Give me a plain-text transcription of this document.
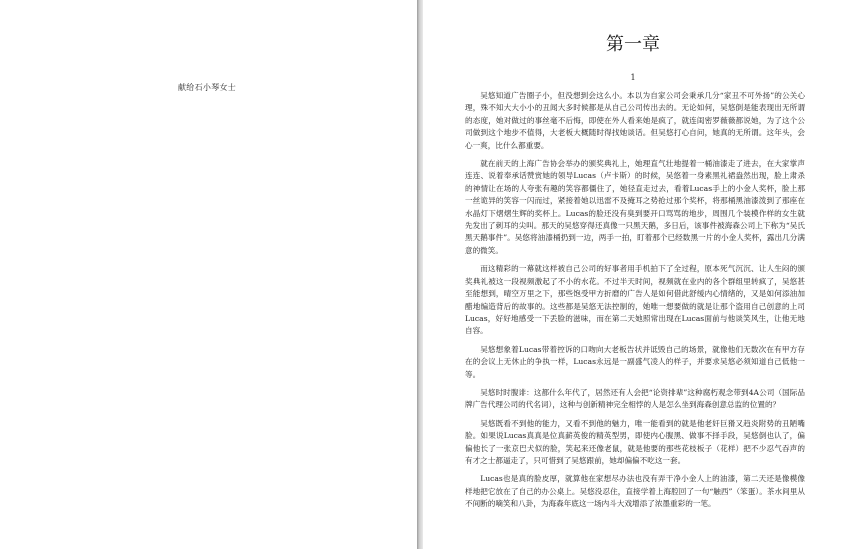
献给石小琴女士
第一章
1

吴悠知道广告圈子小，但没想到会这么小。本以为自家公司会秉承几分“家丑不可外扬”的公关心理，殊不知大大小小的丑闻大多时候都是从自己公司传出去的。无论如何，吴悠倒是能表现出无所谓的态度，她对做过的事丝毫不后悔，即使在外人看来她是疯了，就连闺密罗薇薇都说她，为了这个公司做到这个地步不值得，大老板大概随时得找她谈话。但吴悠打心自问，她真的无所谓。这年头，会心一爽，比什么都重要。

就在前天的上海广告协会举办的颁奖典礼上，她理直气壮地提着一桶油漆走了进去，在大家掌声连连、说着奉承话赞赏她的领导Lucas（卢卡斯）的时候，吴悠着一身素黑礼裙盎然出现，脸上肃杀的神情让在场的人夸张有趣的笑容都僵住了，她径直走过去，看着Lucas手上的小金人奖杯，脸上那一丝诡异的笑容一闪而过，紧接着她以迅雷不及掩耳之势抢过那个奖杯，将那桶黑油漆泼到了那座在水晶灯下熠熠生辉的奖杯上。Lucas的脸还没有臭到要开口骂骂的地步，周围几个装模作样的女生就先发出了刺耳的尖叫。那天的吴悠穿得还真像一只黑天鹅，多日后，该事件被海森公司上下称为“吴氏黑天鹅事件”。吴悠将油漆桶扔到一边，两手一拍，盯着那个已经数黑一片的小金人奖杯，露出几分满意的微笑。

而这精彩的一幕就这样被自己公司的好事者用手机拍下了全过程，原本死气沉沉、让人生闷的颁奖典礼被这一段视频激起了不小的水花。不过半天时间，视频就在业内的各个群组里转疯了，吴悠甚至能想到，晴空万里之下，那些饱受甲方折磨的广告人是如何借此舒缓内心情绪的，又是如何添油加醋地编造背后的故事的。这些都是吴悠无法控制的，她唯一想要做的就是让那个盗用自己创意的上司Lucas，好好地感受一下丢脸的滋味，而在第二天她照常出现在Lucas面前与他谈笑风生，让他无地自容。

吴悠想象着Lucas带着控诉的口吻向大老板告状并诋毁自己的场景，就像他们无数次在有甲方存在的会议上无休止的争执一样，Lucas永远是一副盛气凌人的样子，并要求吴悠必须知道自己低他一等。

吴悠时时腹诽：这都什么年代了，居然还有人会把“论资排辈”这种腐朽观念带到4A公司（国际品牌广告代理公司的代名词），这种与创新精神完全相悖的人是怎么坐到海森创意总监的位置的？

吴悠既看不到他的能力，又看不到他的魅力，唯一能看到的就是他老奸巨猾又趋炎附势的丑陋嘴脸。如果说Lucas真真是位真薪英俊的精英型男，即使内心腹黑、做事不择手段，吴悠倒也认了，偏偏他长了一张京巴犬似的脸，笑起来还像老鼠，就是他要的那些花枝板子（花样）把不少忍气吞声的有才之士都逼走了，只可惜到了吴悠跟前，她却偏偏不吃这一套。

Lucas也是真的脸皮厚，就算他在家想尽办法也没有弄干净小金人上的油漆，第二天还是像模像样地把它放在了自己的办公桌上。吴悠没忍住，直接学着上海腔回了一句“触西”（笨蛋）。茶水间里从不间断的嘀笑和八卦，为海森年底这一场内斗大戏增添了浓墨重彩的一笔。
